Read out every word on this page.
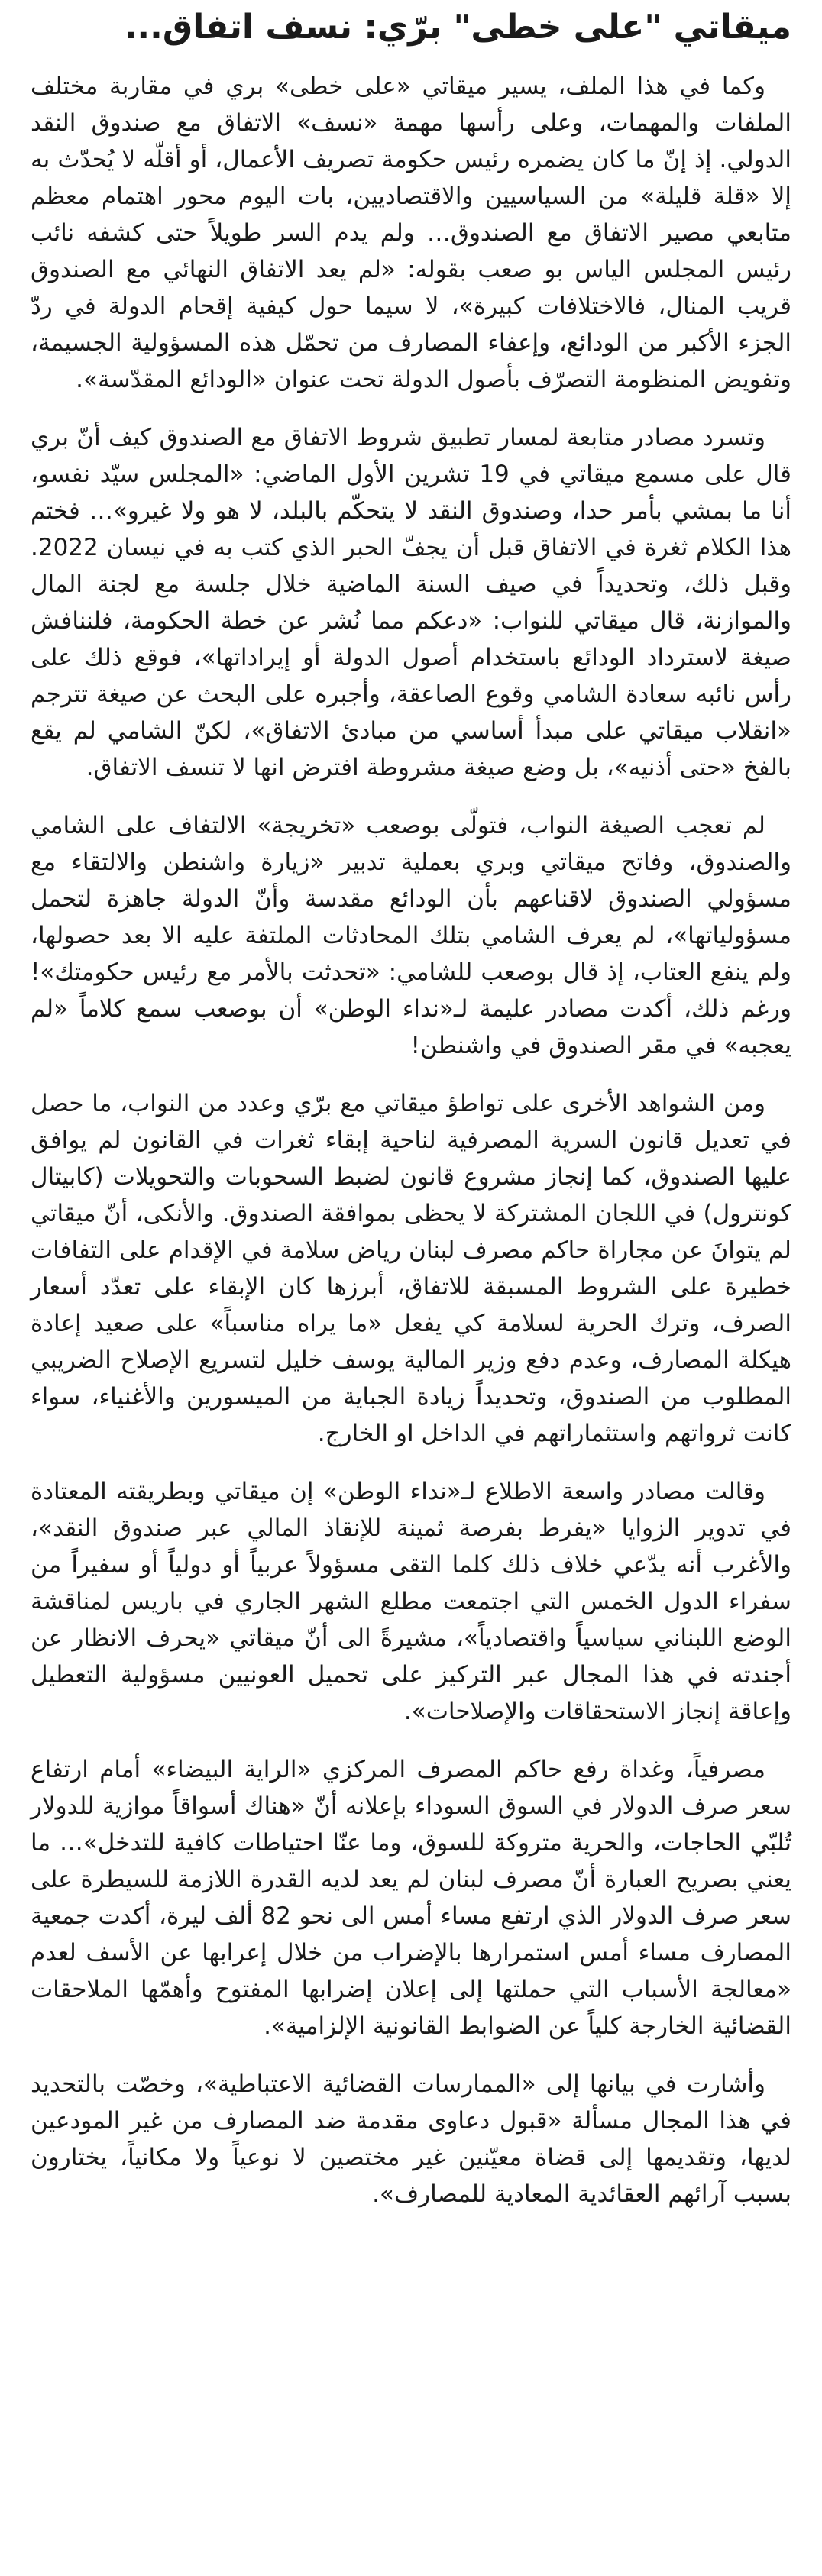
ميقاتي "على خطى" برّي: نسف اتفاق...

وكما في هذا الملف، يسير ميقاتي «على خطى» بري في مقاربة مختلف الملفات والمهمات، وعلى رأسها مهمة «نسف» الاتفاق مع صندوق النقد الدولي. إذ إنّ ما كان يضمره رئيس حكومة تصريف الأعمال، أو أقلّه لا يُحدّث به إلا «قلة قليلة» من السياسيين والاقتصاديين، بات اليوم محور اهتمام معظم متابعي مصير الاتفاق مع الصندوق… ولم يدم السر طويلاً حتى كشفه نائب رئيس المجلس الياس بو صعب بقوله: «لم يعد الاتفاق النهائي مع الصندوق قريب المنال، فالاختلافات كبيرة»، لا سيما حول كيفية إقحام الدولة في ردّ الجزء الأكبر من الودائع، وإعفاء المصارف من تحمّل هذه المسؤولية الجسيمة، وتفويض المنظومة التصرّف بأصول الدولة تحت عنوان «الودائع المقدّسة».

وتسرد مصادر متابعة لمسار تطبيق شروط الاتفاق مع الصندوق كيف أنّ بري قال على مسمع ميقاتي في 19 تشرين الأول الماضي: «المجلس سيّد نفسو، أنا ما بمشي بأمر حدا، وصندوق النقد لا يتحكّم بالبلد، لا هو ولا غيرو»… فختم هذا الكلام ثغرة في الاتفاق قبل أن يجفّ الحبر الذي كتب به في نيسان 2022. وقبل ذلك، وتحديداً في صيف السنة الماضية خلال جلسة مع لجنة المال والموازنة، قال ميقاتي للنواب: «دعكم مما نُشر عن خطة الحكومة، فلننافش صيغة لاسترداد الودائع باستخدام أصول الدولة أو إيراداتها»، فوقع ذلك على رأس نائبه سعادة الشامي وقوع الصاعقة، وأجبره على البحث عن صيغة تترجم «انقلاب ميقاتي على مبدأ أساسي من مبادئ الاتفاق»، لكنّ الشامي لم يقع بالفخ «حتى أذنيه»، بل وضع صيغة مشروطة افترض انها لا تنسف الاتفاق.

لم تعجب الصيغة النواب، فتولّى بوصعب «تخريجة» الالتفاف على الشامي والصندوق، وفاتح ميقاتي وبري بعملية تدبير «زيارة واشنطن والالتقاء مع مسؤولي الصندوق لاقناعهم بأن الودائع مقدسة وأنّ الدولة جاهزة لتحمل مسؤولياتها»، لم يعرف الشامي بتلك المحادثات الملتفة عليه الا بعد حصولها، ولم ينفع العتاب، إذ قال بوصعب للشامي: «تحدثت بالأمر مع رئيس حكومتك»! ورغم ذلك، أكدت مصادر عليمة لـ«نداء الوطن» أن بوصعب سمع كلاماً «لم يعجبه» في مقر الصندوق في واشنطن!

ومن الشواهد الأخرى على تواطؤ ميقاتي مع برّي وعدد من النواب، ما حصل في تعديل قانون السرية المصرفية لناحية إبقاء ثغرات في القانون لم يوافق عليها الصندوق، كما إنجاز مشروع قانون لضبط السحوبات والتحويلات (كابيتال كونترول) في اللجان المشتركة لا يحظى بموافقة الصندوق. والأنكى، أنّ ميقاتي لم يتوانَ عن مجاراة حاكم مصرف لبنان رياض سلامة في الإقدام على التفافات خطيرة على الشروط المسبقة للاتفاق، أبرزها كان الإبقاء على تعدّد أسعار الصرف، وترك الحرية لسلامة كي يفعل «ما يراه مناسباً» على صعيد إعادة هيكلة المصارف، وعدم دفع وزير المالية يوسف خليل لتسريع الإصلاح الضريبي المطلوب من الصندوق، وتحديداً زيادة الجباية من الميسورين والأغنياء، سواء كانت ثرواتهم واستثماراتهم في الداخل او الخارج.

وقالت مصادر واسعة الاطلاع لـ«نداء الوطن» إن ميقاتي وبطريقته المعتادة في تدوير الزوايا «يفرط بفرصة ثمينة للإنقاذ المالي عبر صندوق النقد»، والأغرب أنه يدّعي خلاف ذلك كلما التقى مسؤولاً عربياً أو دولياً أو سفيراً من سفراء الدول الخمس التي اجتمعت مطلع الشهر الجاري في باريس لمناقشة الوضع اللبناني سياسياً واقتصادياً»، مشيرةً الى أنّ ميقاتي «يحرف الانظار عن أجندته في هذا المجال عبر التركيز على تحميل العونيين مسؤولية التعطيل وإعاقة إنجاز الاستحقاقات والإصلاحات».

مصرفياً، وغداة رفع حاكم المصرف المركزي «الراية البيضاء» أمام ارتفاع سعر صرف الدولار في السوق السوداء بإعلانه أنّ «هناك أسواقاً موازية للدولار تُلبّي الحاجات، والحرية متروكة للسوق، وما عنّا احتياطات كافية للتدخل»… ما يعني بصريح العبارة أنّ مصرف لبنان لم يعد لديه القدرة اللازمة للسيطرة على سعر صرف الدولار الذي ارتفع مساء أمس الى نحو 82 ألف ليرة، أكدت جمعية المصارف مساء أمس استمرارها بالإضراب من خلال إعرابها عن الأسف لعدم «معالجة الأسباب التي حملتها إلى إعلان إضرابها المفتوح وأهمّها الملاحقات القضائية الخارجة كلياً عن الضوابط القانونية الإلزامية».

وأشارت في بيانها إلى «الممارسات القضائية الاعتباطية»، وخصّت بالتحديد في هذا المجال مسألة «قبول دعاوى مقدمة ضد المصارف من غير المودعين لديها، وتقديمها إلى قضاة معيّنين غير مختصين لا نوعياً ولا مكانياً، يختارون بسبب آرائهم العقائدية المعادية للمصارف».
